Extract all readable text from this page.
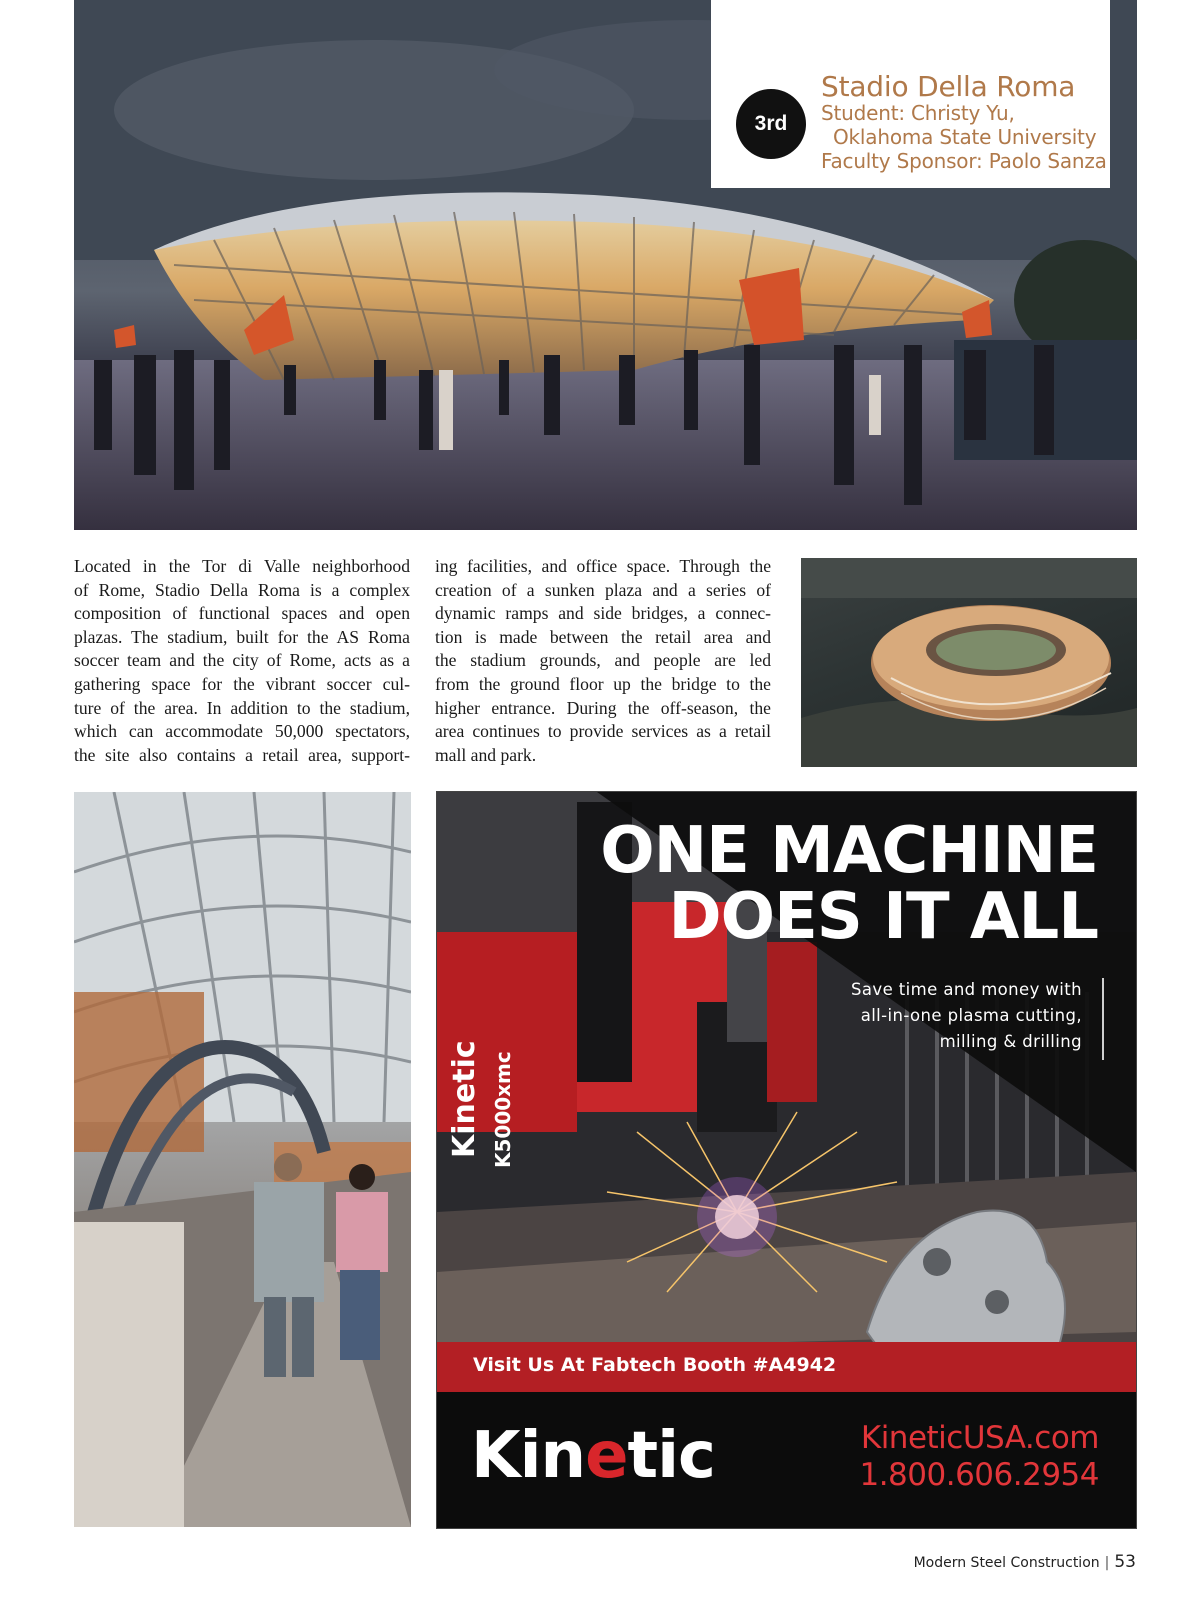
3rd
Stadio Della Roma
Student: Christy Yu,
Oklahoma State University
Faculty Sponsor: Paolo Sanza
Located in the Tor di Valle neighborhood
of Rome, Stadio Della Roma is a complex
composition of functional spaces and open
plazas. The stadium, built for the AS Roma
soccer team and the city of Rome, acts as a
gathering space for the vibrant soccer cul-
ture of the area. In addition to the stadium,
which can accommodate 50,000 spectators,
the site also contains a retail area, support-
ing facilities, and office space. Through the
creation of a sunken plaza and a series of
dynamic ramps and side bridges, a connec-
tion is made between the retail area and
the stadium grounds, and people are led
from the ground floor up the bridge to the
higher entrance. During the off-season, the
area continues to provide services as a retail
mall and park.
Kinetic K5000xmc
ONE MACHINE
DOES IT ALL
Save time and money with
all-in-one plasma cutting,
milling & drilling
Visit Us At Fabtech Booth #A4942
Kinetic	KineticUSA.com
1.800.606.2954
Modern Steel Construction | 53
